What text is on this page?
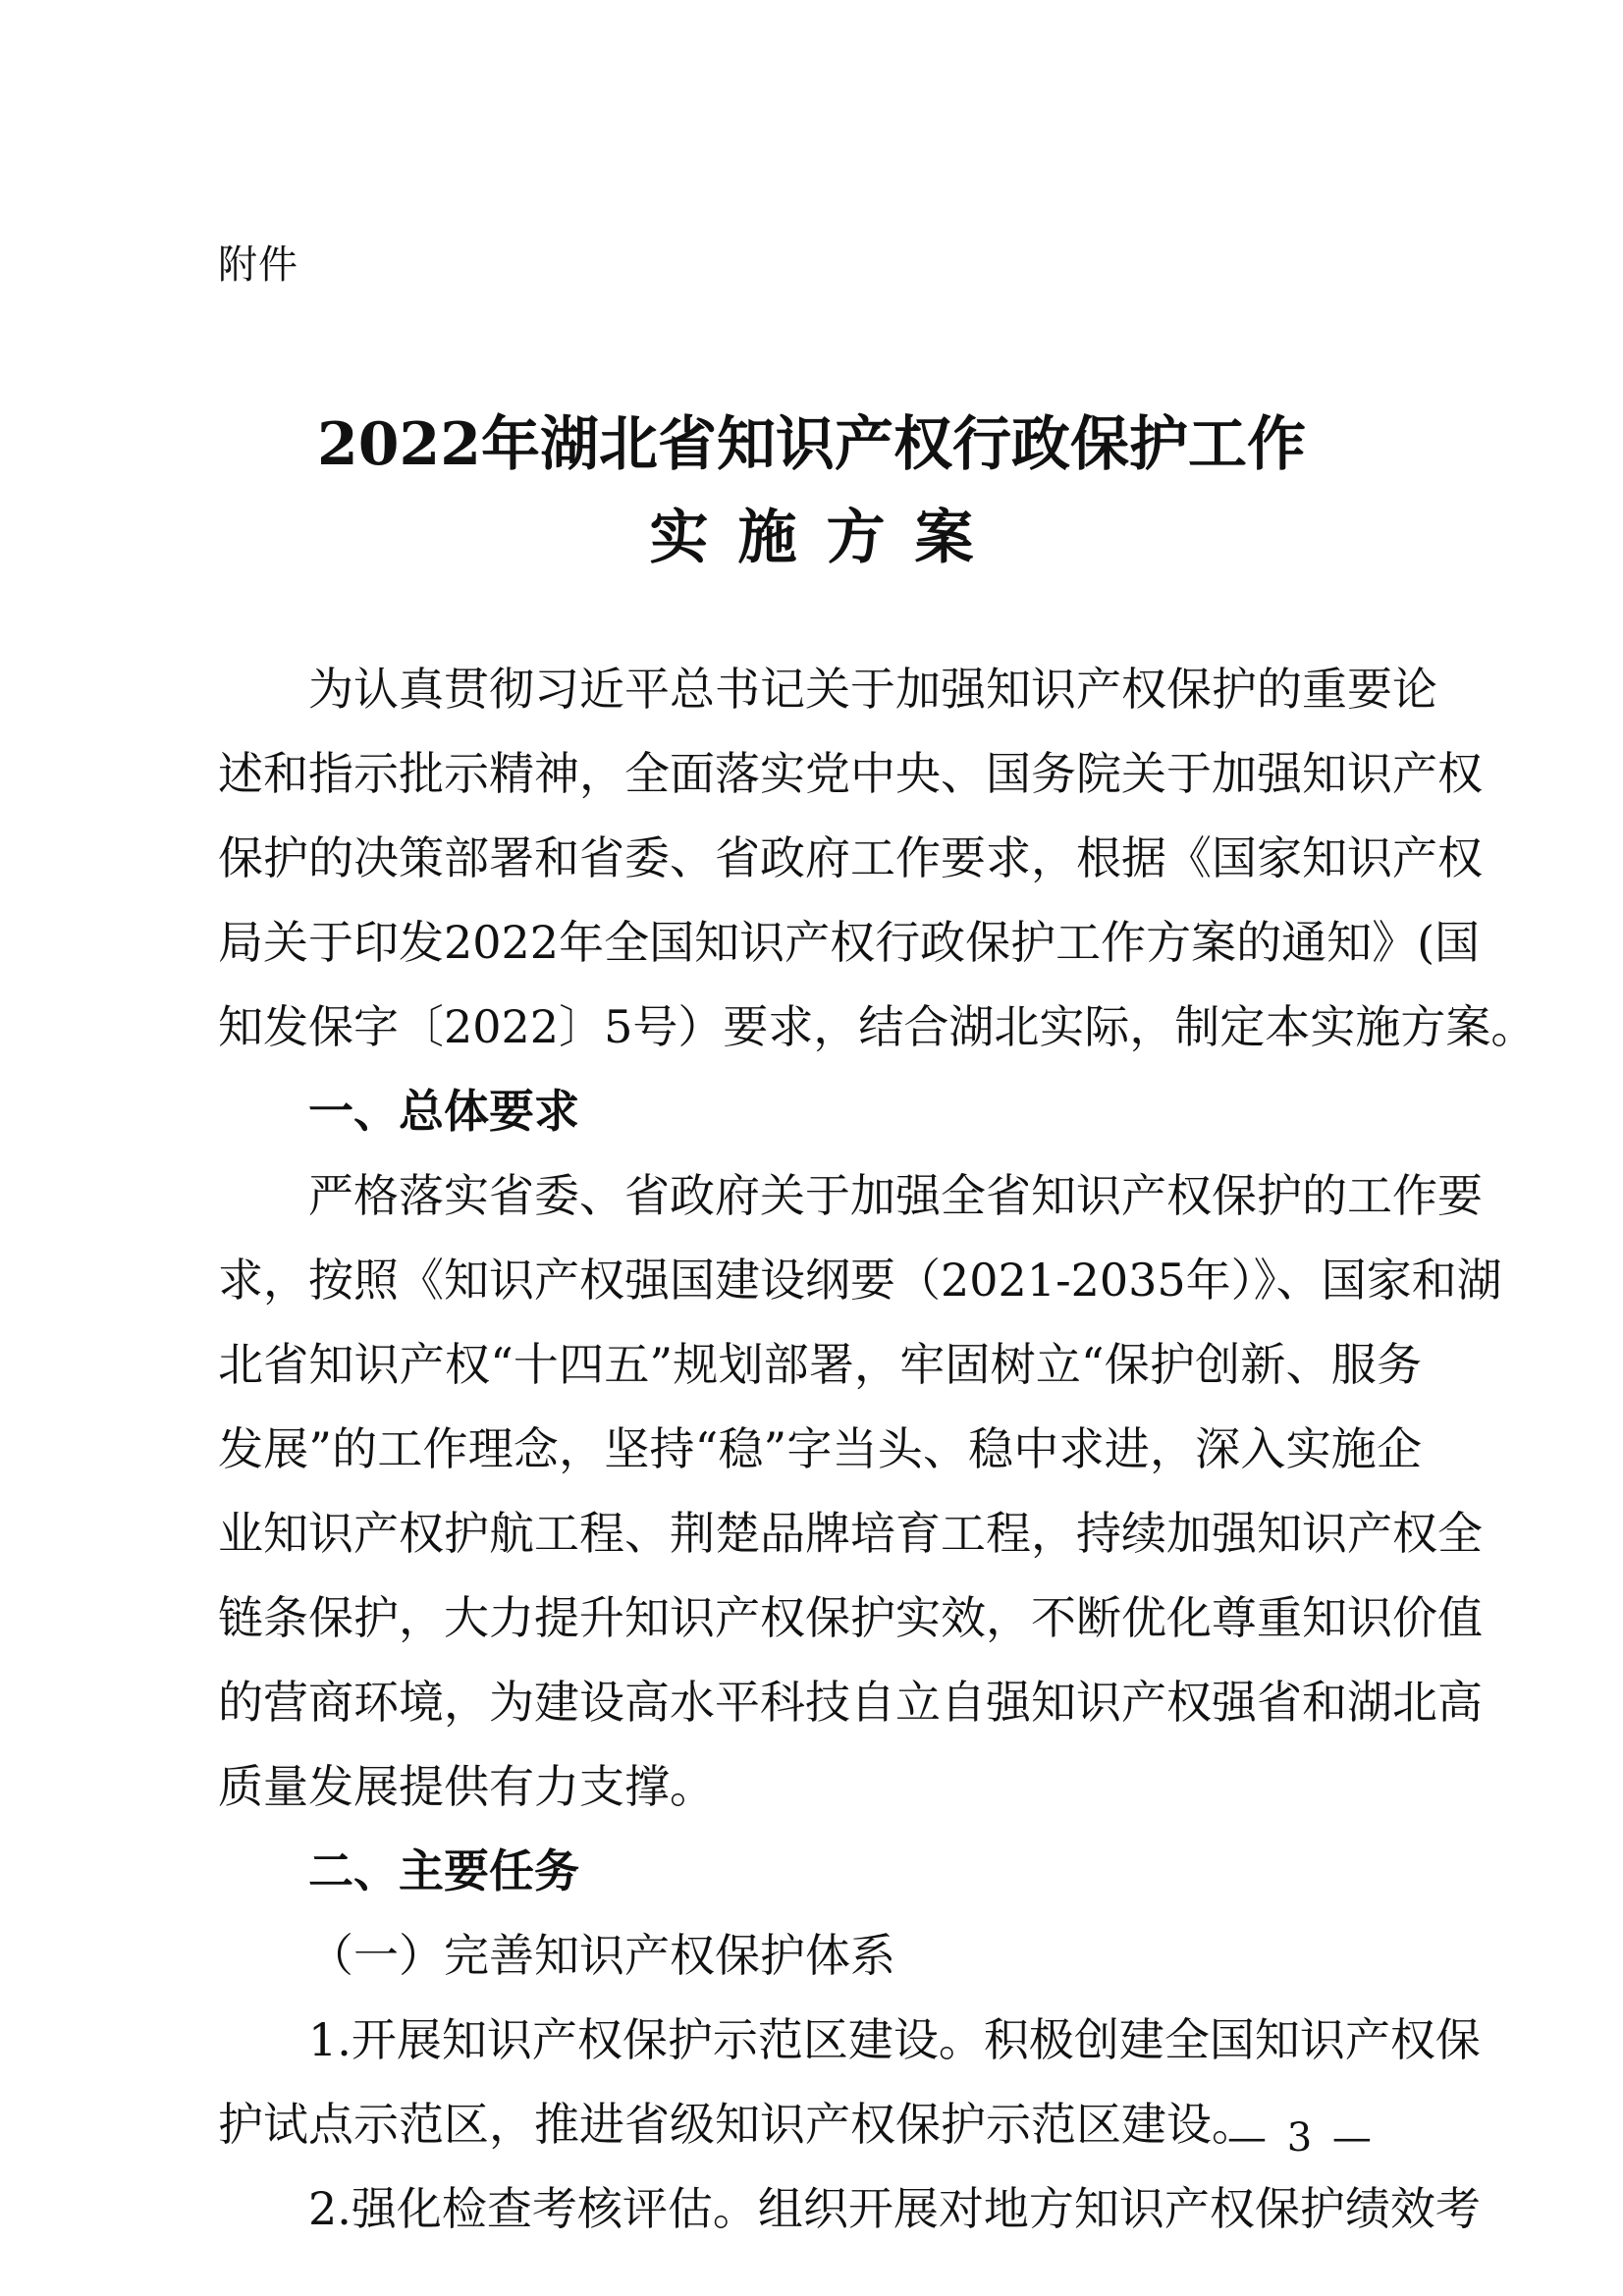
附件
2022年湖北省知识产权行政保护工作
实施方案
为认真贯彻习近平总书记关于加强知识产权保护的重要论
述和指示批示精神，全面落实党中央、国务院关于加强知识产权
保护的决策部署和省委、省政府工作要求，根据《国家知识产权
局关于印发2022年全国知识产权行政保护工作方案的通知》(国
知发保字〔2022〕5号）要求，结合湖北实际，制定本实施方案。
一、总体要求
严格落实省委、省政府关于加强全省知识产权保护的工作要
求，按照《知识产权强国建设纲要（2021-2035年）》、国家和湖
北省知识产权“十四五”规划部署，牢固树立“保护创新、服务
发展”的工作理念，坚持“稳”字当头、稳中求进，深入实施企
业知识产权护航工程、荆楚品牌培育工程，持续加强知识产权全
链条保护，大力提升知识产权保护实效，不断优化尊重知识价值
的营商环境，为建设高水平科技自立自强知识产权强省和湖北高
质量发展提供有力支撑。
二、主要任务
（一）完善知识产权保护体系
1.开展知识产权保护示范区建设。积极创建全国知识产权保
护试点示范区，推进省级知识产权保护示范区建设。
2.强化检查考核评估。组织开展对地方知识产权保护绩效考
— 3 —
